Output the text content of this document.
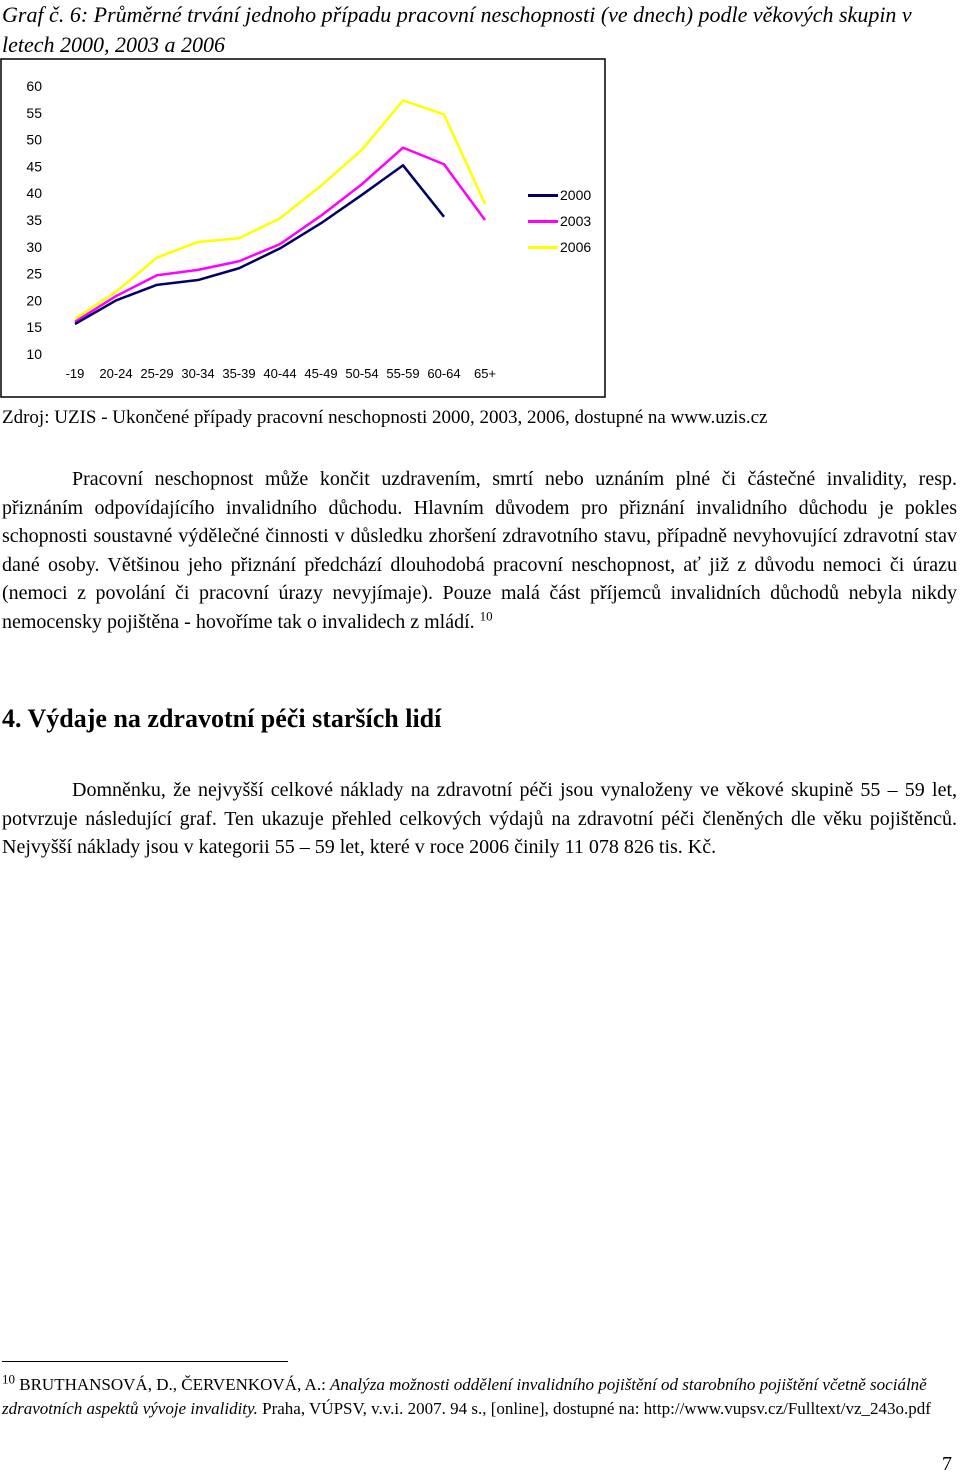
Graf č. 6: Průměrné trvání jednoho případu pracovní neschopnosti (ve dnech) podle věkových skupin v letech 2000, 2003 a 2006
60
55
50
45
40
35
30
25
20
15
10
-19 20-24 25-29 30-34 35-39 40-44 45-49 50-54 55-59 60-64 65+
2000
2003
2006
Zdroj: UZIS - Ukončené případy pracovní neschopnosti 2000, 2003, 2006, dostupné na www.uzis.cz

Pracovní neschopnost může končit uzdravením, smrtí nebo uznáním plné či částečné invalidity, resp. přiznáním odpovídajícího invalidního důchodu. Hlavním důvodem pro přiznání invalidního důchodu je pokles schopnosti soustavné výdělečné činnosti v důsledku zhoršení zdravotního stavu, případně nevyhovující zdravotní stav dané osoby. Většinou jeho přiznání předchází dlouhodobá pracovní neschopnost, ať již z důvodu nemoci či úrazu (nemoci z povolání či pracovní úrazy nevyjímaje). Pouze malá část příjemců invalidních důchodů nebyla nikdy nemocensky pojištěna - hovoříme tak o invalidech z mládí. $^{10}$

4. Výdaje na zdravotní péči starších lidí

Domněnku, že nejvyšší celkové náklady na zdravotní péči jsou vynaloženy ve věkové skupině 55 – 59 let, potvrzuje následující graf. Ten ukazuje přehled celkových výdajů na zdravotní péči členěných dle věku pojištěnců. Nejvyšší náklady jsou v kategorii 55 – 59 let, které v roce 2006 činily 11 078 826 tis. Kč.

$^{10}$ BRUTHANSOVÁ, D., ČERVENKOVÁ, A.: Analýza možnosti oddělení invalidního pojištění od starobního pojištění včetně sociálně zdravotních aspektů vývoje invalidity. Praha, VÚPSV, v.v.i. 2007. 94 s., [online], dostupné na: http://www.vupsv.cz/Fulltext/vz_243o.pdf
7
